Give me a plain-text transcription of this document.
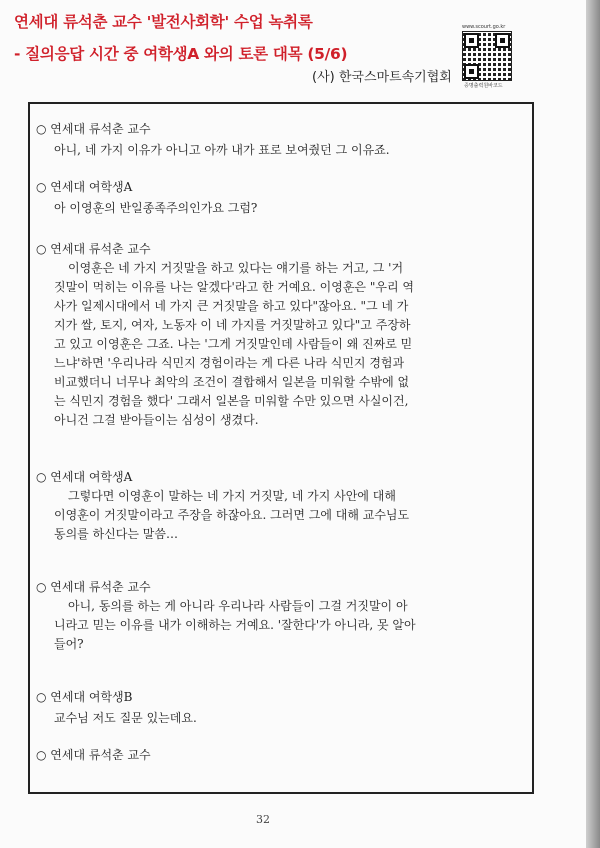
연세대 류석춘 교수 '발전사회학' 수업 녹취록
- 질의응답 시간 중 여학생A 와의 토론 대목 (5/6)
(사) 한국스마트속기협회
www.scourt.go.kr
증명출력원바코드
○ 연세대 류석춘 교수
아니, 네 가지 이유가 아니고 아까 내가 표로 보여줬던 그 이유죠.
○ 연세대 여학생A
아 이영훈의 반일종족주의인가요 그럼?
○ 연세대 류석춘 교수
이영훈은 네 가지 거짓말을 하고 있다는 얘기를 하는 거고, 그 '거
짓말이 먹히는 이유를 나는 알겠다'라고 한 거예요. 이영훈은 "우리 역
사가 일제시대에서 네 가지 큰 거짓말을 하고 있다"잖아요. "그 네 가
지가 쌀, 토지, 여자, 노동자 이 네 가지를 거짓말하고 있다"고 주장하
고 있고 이영훈은 그죠. 나는 '그게 거짓말인데 사람들이 왜 진짜로 믿
느냐'하면 '우리나라 식민지 경험이라는 게 다른 나라 식민지 경험과
비교했더니 너무나 최악의 조건이 결합해서 일본을 미워할 수밖에 없
는 식민지 경험을 했다' 그래서 일본을 미워할 수만 있으면 사실이건,
아니건 그걸 받아들이는 심성이 생겼다.
○ 연세대 여학생A
그렇다면 이영훈이 말하는 네 가지 거짓말, 네 가지 사안에 대해
이영훈이 거짓말이라고 주장을 하잖아요. 그러면 그에 대해 교수님도
동의를 하신다는 말씀…
○ 연세대 류석춘 교수
아니, 동의를 하는 게 아니라 우리나라 사람들이 그걸 거짓말이 아
니라고 믿는 이유를 내가 이해하는 거예요. '잘한다'가 아니라, 못 알아
들어?
○ 연세대 여학생B
교수님 저도 질문 있는데요.
○ 연세대 류석춘 교수
32
